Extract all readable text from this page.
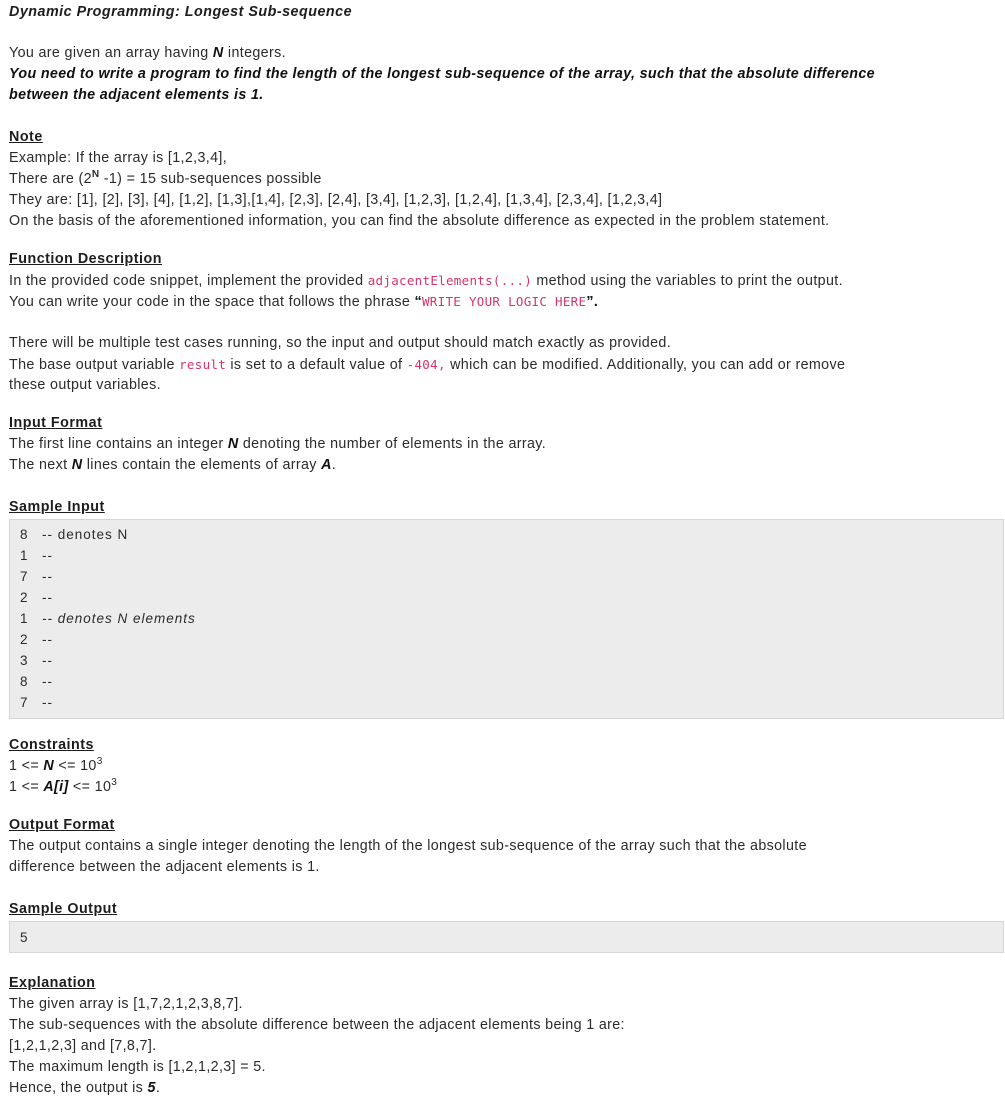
Dynamic Programming: Longest Sub-sequence
You are given an array having N integers.
You need to write a program to find the length of the longest sub-sequence of the array, such that the absolute difference
between the adjacent elements is 1.
Note
Example: If the array is [1,2,3,4],
There are ($2^N$ -1) = 15 sub-sequences possible
They are: [1], [2], [3], [4], [1,2], [1,3],[1,4], [2,3], [2,4], [3,4], [1,2,3], [1,2,4], [1,3,4], [2,3,4], [1,2,3,4]
On the basis of the aforementioned information, you can find the absolute difference as expected in the problem statement.
Function Description
In the provided code snippet, implement the provided adjacentElements(...) method using the variables to print the output.
You can write your code in the space that follows the phrase “WRITE YOUR LOGIC HERE”.
There will be multiple test cases running, so the input and output should match exactly as provided.
The base output variable result is set to a default value of -404, which can be modified. Additionally, you can add or remove
these output variables.
Input Format
The first line contains an integer N denoting the number of elements in the array.
The next N lines contain the elements of array A.
Sample Input
8 -- denotes N
1 --
7 --
2 --
1 -- denotes N elements
2 --
3 --
8 --
7 --
Constraints
$1 <= N <= 10^3$
$1 <= A[i] <= 10^3$
Output Format
The output contains a single integer denoting the length of the longest sub-sequence of the array such that the absolute
difference between the adjacent elements is 1.
Sample Output
5
Explanation
The given array is [1,7,2,1,2,3,8,7].
The sub-sequences with the absolute difference between the adjacent elements being 1 are:
[1,2,1,2,3] and [7,8,7].
The maximum length is [1,2,1,2,3] = 5.
Hence, the output is 5.
